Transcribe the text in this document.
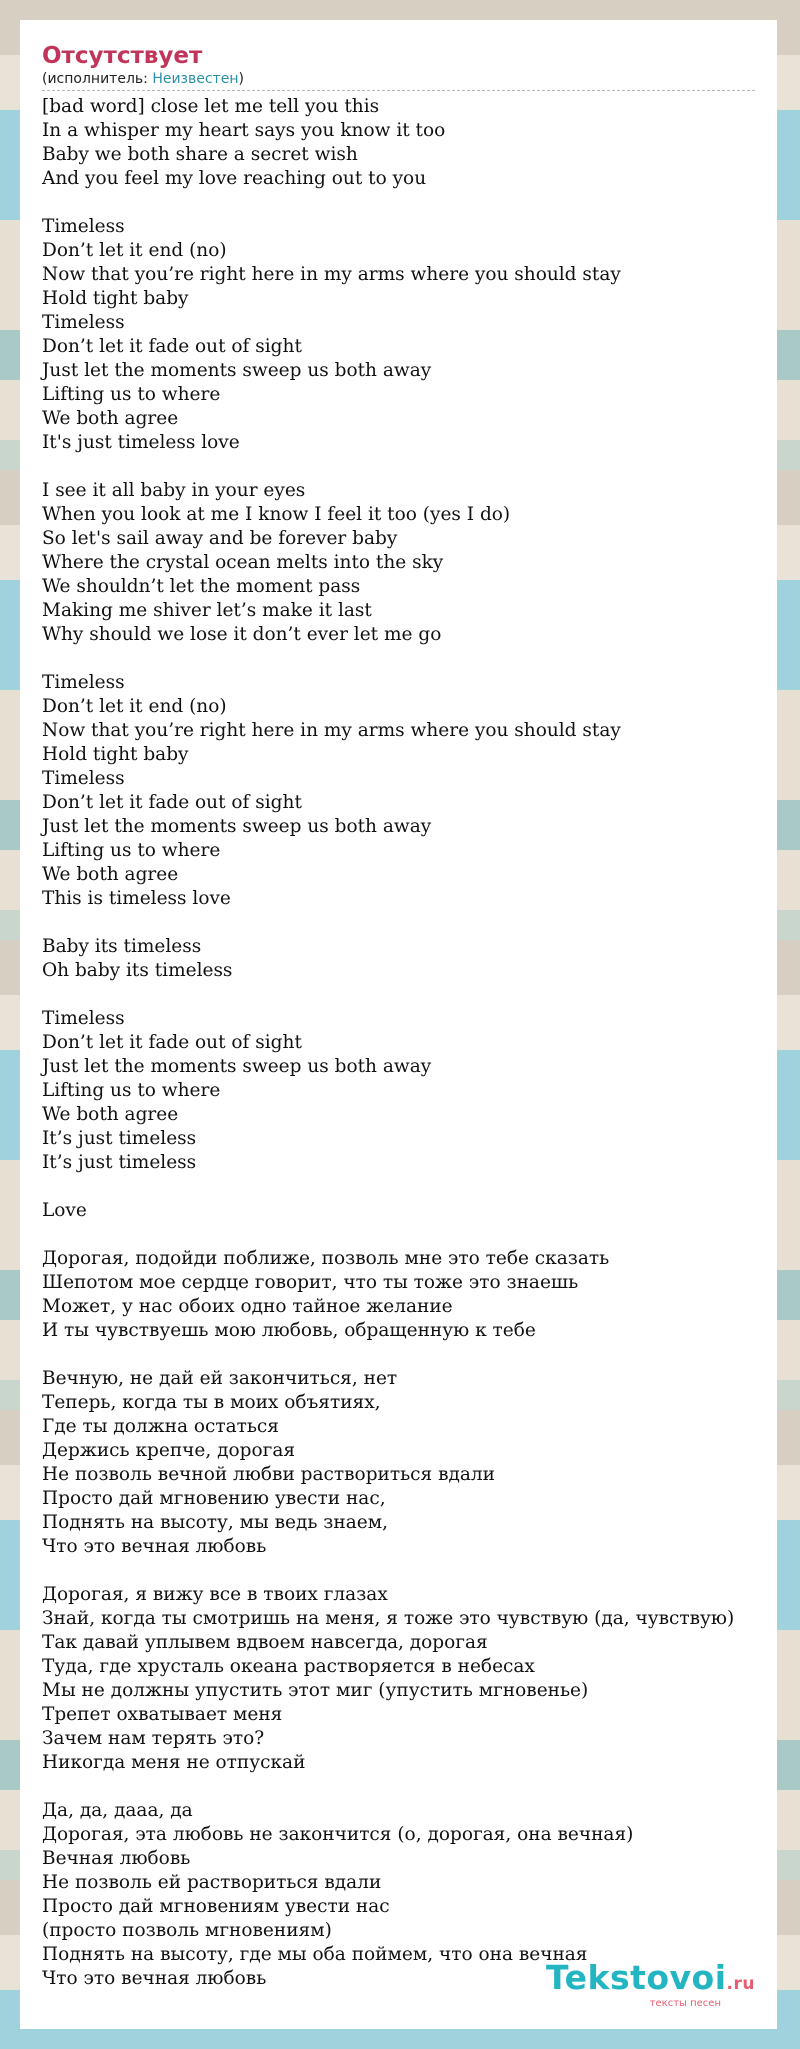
Отсутствует
(исполнитель: Неизвестен)
[bad word] close let me tell you this
In a whisper my heart says you know it too
Baby we both share a secret wish
And you feel my love reaching out to you
Timeless
Don’t let it end (no)
Now that you’re right here in my arms where you should stay
Hold tight baby
Timeless
Don’t let it fade out of sight
Just let the moments sweep us both away
Lifting us to where
We both agree
It's just timeless love
I see it all baby in your eyes
When you look at me I know I feel it too (yes I do)
So let's sail away and be forever baby
Where the crystal ocean melts into the sky
We shouldn’t let the moment pass
Making me shiver let’s make it last
Why should we lose it don’t ever let me go
Timeless
Don’t let it end (no)
Now that you’re right here in my arms where you should stay
Hold tight baby
Timeless
Don’t let it fade out of sight
Just let the moments sweep us both away
Lifting us to where
We both agree
This is timeless love
Baby its timeless
Oh baby its timeless
Timeless
Don’t let it fade out of sight
Just let the moments sweep us both away
Lifting us to where
We both agree
It’s just timeless
It’s just timeless
Love
Дорогая, подойди поближе, позволь мне это тебе сказать
Шепотом мое сердце говорит, что ты тоже это знаешь
Может, у нас обоих одно тайное желание
И ты чувствуешь мою любовь, обращенную к тебе
Вечную, не дай ей закончиться, нет
Теперь, когда ты в моих объятиях,
Где ты должна остаться
Держись крепче, дорогая
Не позволь вечной любви раствориться вдали
Просто дай мгновению увести нас,
Поднять на высоту, мы ведь знаем,
Что это вечная любовь
Дорогая, я вижу все в твоих глазах
Знай, когда ты смотришь на меня, я тоже это чувствую (да, чувствую)
Так давай уплывем вдвоем навсегда, дорогая
Туда, где хрусталь океана растворяется в небесах
Мы не должны упустить этот миг (упустить мгновенье)
Трепет охватывает меня
Зачем нам терять это?
Никогда меня не отпускай
Да, да, дааа, да
Дорогая, эта любовь не закончится (о, дорогая, она вечная)
Вечная любовь
Не позволь ей раствориться вдали
Просто дай мгновениям увести нас
(просто позволь мгновениям)
Поднять на высоту, где мы оба поймем, что она вечная
Что это вечная любовь	Tekstovoi.ru
тексты песен
